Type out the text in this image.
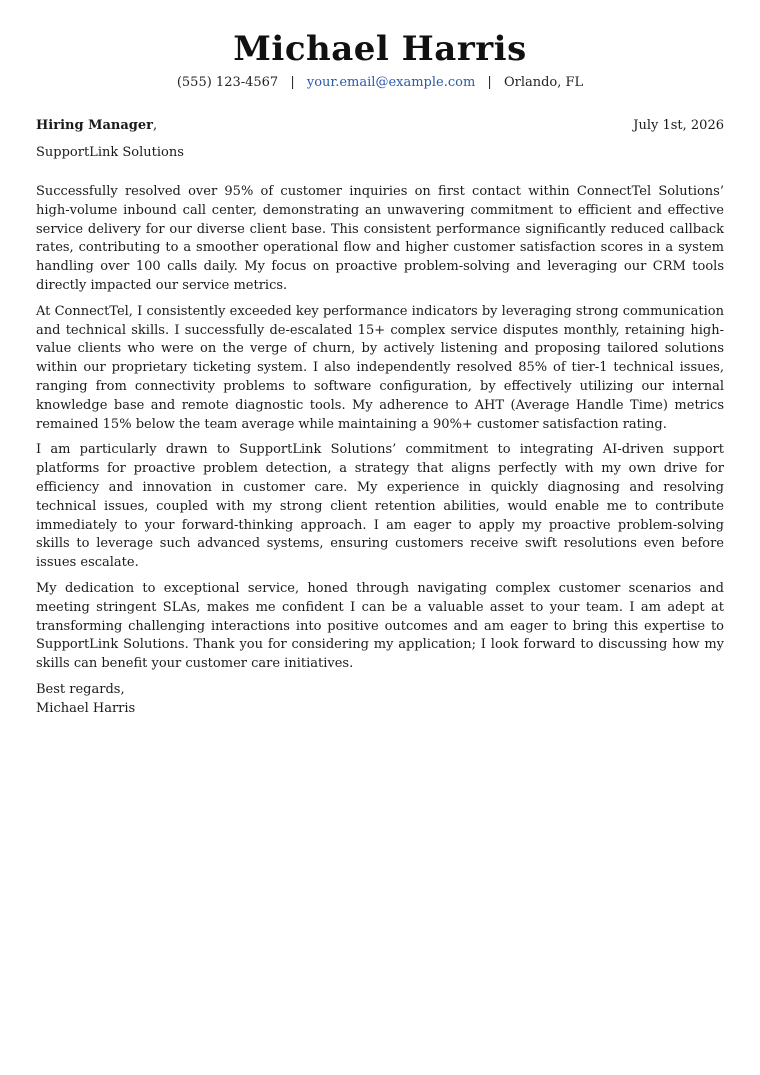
Michael Harris
(555) 123-4567 | your.email@example.com | Orlando, FL
Hiring Manager,	July 1st, 2026
SupportLink Solutions

Successfully resolved over 95% of customer inquiries on first contact within ConnectTel Solutions’ high-volume inbound call center, demonstrating an unwavering commitment to efficient and effective service delivery for our diverse client base. This consistent performance significantly reduced callback rates, contributing to a smoother operational flow and higher customer satisfaction scores in a system handling over 100 calls daily. My focus on proactive problem-solving and leveraging our CRM tools directly impacted our service metrics.

At ConnectTel, I consistently exceeded key performance indicators by leveraging strong communication and technical skills. I successfully de-escalated 15+ complex service disputes monthly, retaining high-value clients who were on the verge of churn, by actively listening and proposing tailored solutions within our proprietary ticketing system. I also independently resolved 85% of tier-1 technical issues, ranging from connectivity problems to software configuration, by effectively utilizing our internal knowledge base and remote diagnostic tools. My adherence to AHT (Average Handle Time) metrics remained 15% below the team average while maintaining a 90%+ customer satisfaction rating.

I am particularly drawn to SupportLink Solutions’ commitment to integrating AI-driven support platforms for proactive problem detection, a strategy that aligns perfectly with my own drive for efficiency and innovation in customer care. My experience in quickly diagnosing and resolving technical issues, coupled with my strong client retention abilities, would enable me to contribute immediately to your forward-thinking approach. I am eager to apply my proactive problem-solving skills to leverage such advanced systems, ensuring customers receive swift resolutions even before issues escalate.

My dedication to exceptional service, honed through navigating complex customer scenarios and meeting stringent SLAs, makes me confident I can be a valuable asset to your team. I am adept at transforming challenging interactions into positive outcomes and am eager to bring this expertise to SupportLink Solutions. Thank you for considering my application; I look forward to discussing how my skills can benefit your customer care initiatives.

Best regards,
Michael Harris
